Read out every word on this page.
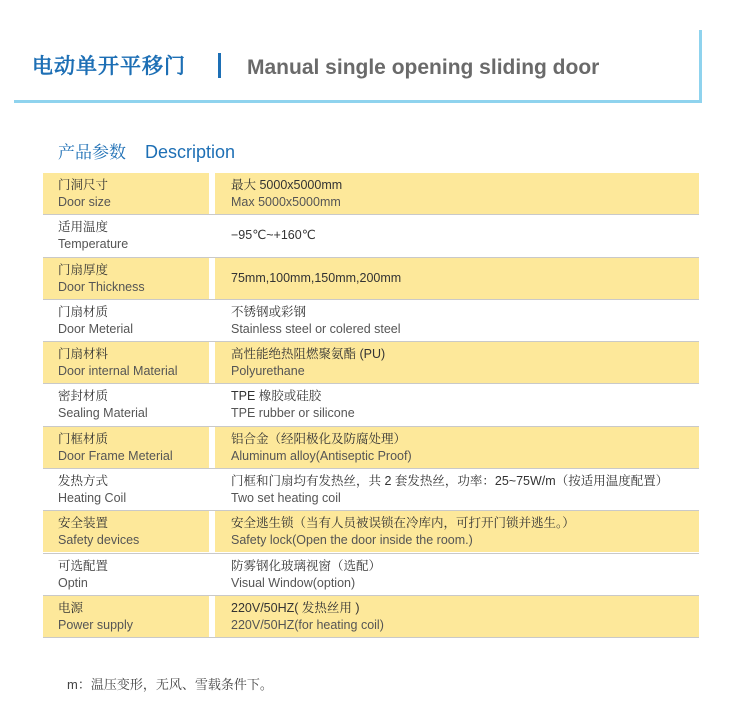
电动单开平移门	Manual single opening sliding door
产品参数 Description
门洞尺寸
Door size
最大 5000x5000mm
Max 5000x5000mm
适用温度
Temperature
−95℃~+160℃
门扇厚度
Door Thickness
75mm,100mm,150mm,200mm
门扇材质
Door Meterial
不锈钢或彩钢
Stainless steel or colered steel
门扇材料
Door internal Material
高性能绝热阻燃聚氨酯 (PU)
Polyurethane
密封材质
Sealing Material
TPE 橡胶或硅胶
TPE rubber or silicone
门框材质
Door Frame Meterial
铝合金（经阳极化及防腐处理）
Aluminum alloy(Antiseptic Proof)
发热方式
Heating Coil
门框和门扇均有发热丝，共 2 套发热丝，功率：25~75W/m（按适用温度配置）
Two set heating coil
安全装置
Safety devices
安全逃生锁（当有人员被误锁在冷库内，可打开门锁并逃生。）
Safety lock(Open the door inside the room.)
可选配置
Optin
防雾钢化玻璃视窗（选配）
Visual Window(option)
电源
Power supply
220V/50HZ( 发热丝用 )
220V/50HZ(for heating coil)
m：温压变形，无风、雪载条件下。
